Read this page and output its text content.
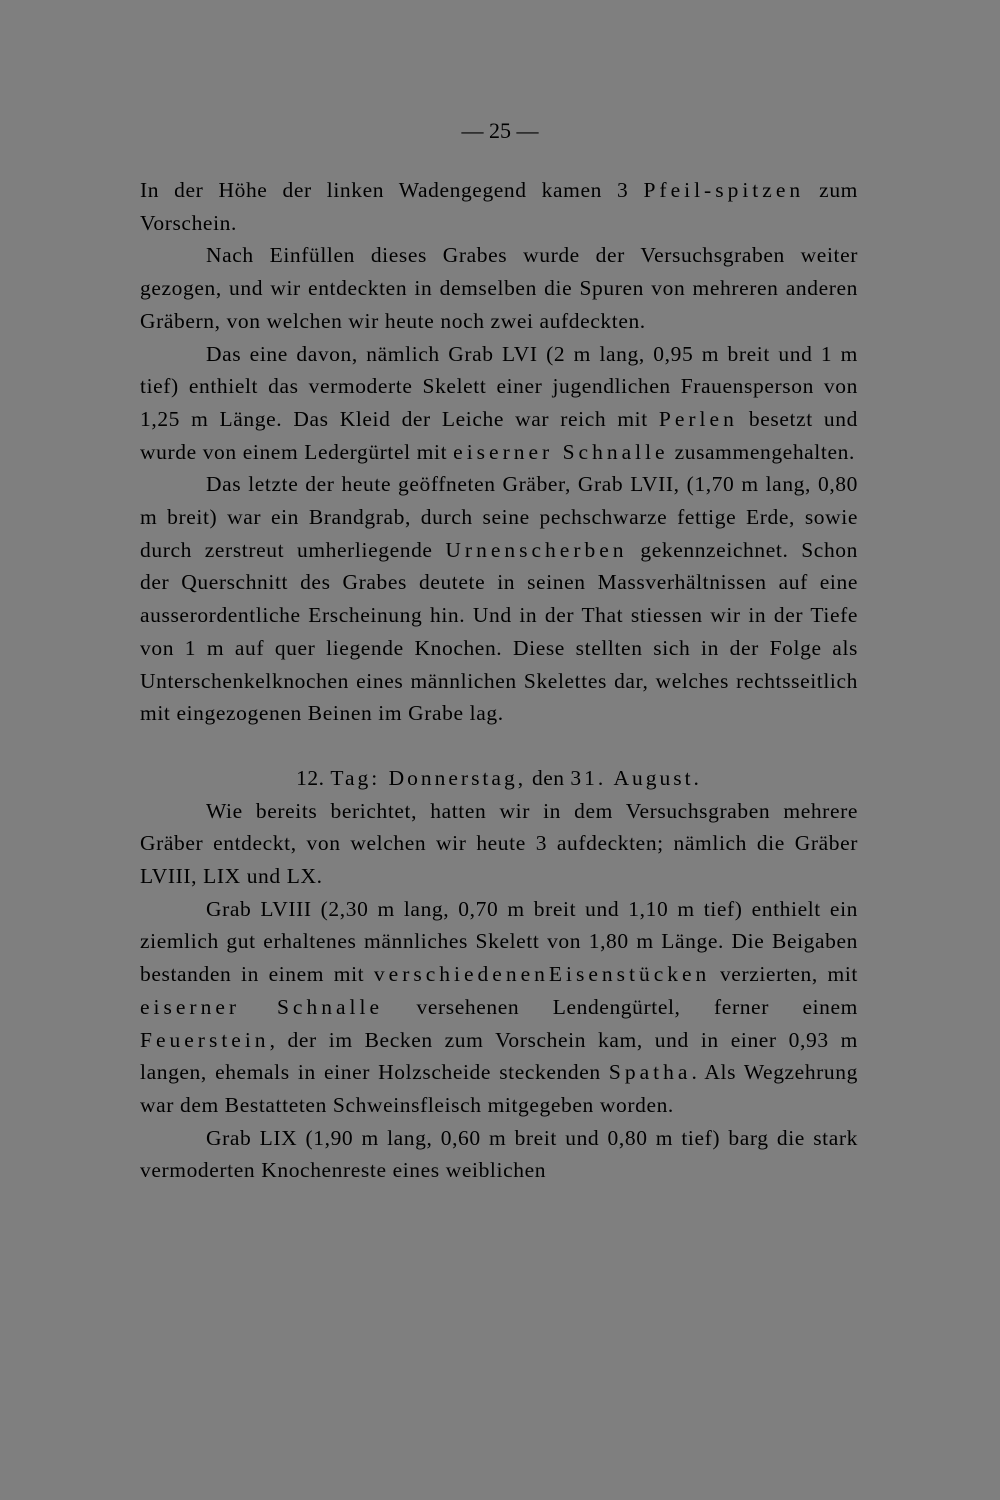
— 25 —

In der Höhe der linken Wadengegend kamen 3 Pfeil-spitzen zum Vorschein.

Nach Einfüllen dieses Grabes wurde der Versuchsgraben weiter gezogen, und wir entdeckten in demselben die Spuren von mehreren anderen Gräbern, von welchen wir heute noch zwei aufdeckten.

Das eine davon, nämlich Grab LVI (2 m lang, 0,95 m breit und 1 m tief) enthielt das vermoderte Skelett einer jugendlichen Frauensperson von 1,25 m Länge. Das Kleid der Leiche war reich mit Perlen besetzt und wurde von einem Ledergürtel mit eiserner Schnalle zusammengehalten.

Das letzte der heute geöffneten Gräber, Grab LVII, (1,70 m lang, 0,80 m breit) war ein Brandgrab, durch seine pechschwarze fettige Erde, sowie durch zerstreut umherliegende Urnenscherben gekennzeichnet. Schon der Querschnitt des Grabes deutete in seinen Massverhältnissen auf eine ausserordentliche Erscheinung hin. Und in der That stiessen wir in der Tiefe von 1 m auf quer liegende Knochen. Diese stellten sich in der Folge als Unterschenkelknochen eines männlichen Skelettes dar, welches rechtsseitlich mit eingezogenen Beinen im Grabe lag.

12. Tag: Donnerstag, den 31. August.

Wie bereits berichtet, hatten wir in dem Versuchsgraben mehrere Gräber entdeckt, von welchen wir heute 3 aufdeckten; nämlich die Gräber LVIII, LIX und LX.

Grab LVIII (2,30 m lang, 0,70 m breit und 1,10 m tief) enthielt ein ziemlich gut erhaltenes männliches Skelett von 1,80 m Länge. Die Beigaben bestanden in einem mit verschiedenenEisenstücken verzierten, mit eiserner Schnalle versehenen Lendengürtel, ferner einem Feuerstein, der im Becken zum Vorschein kam, und in einer 0,93 m langen, ehemals in einer Holzscheide steckenden Spatha. Als Wegzehrung war dem Bestatteten Schweinsfleisch mitgegeben worden.

Grab LIX (1,90 m lang, 0,60 m breit und 0,80 m tief) barg die stark vermoderten Knochenreste eines weiblichen
